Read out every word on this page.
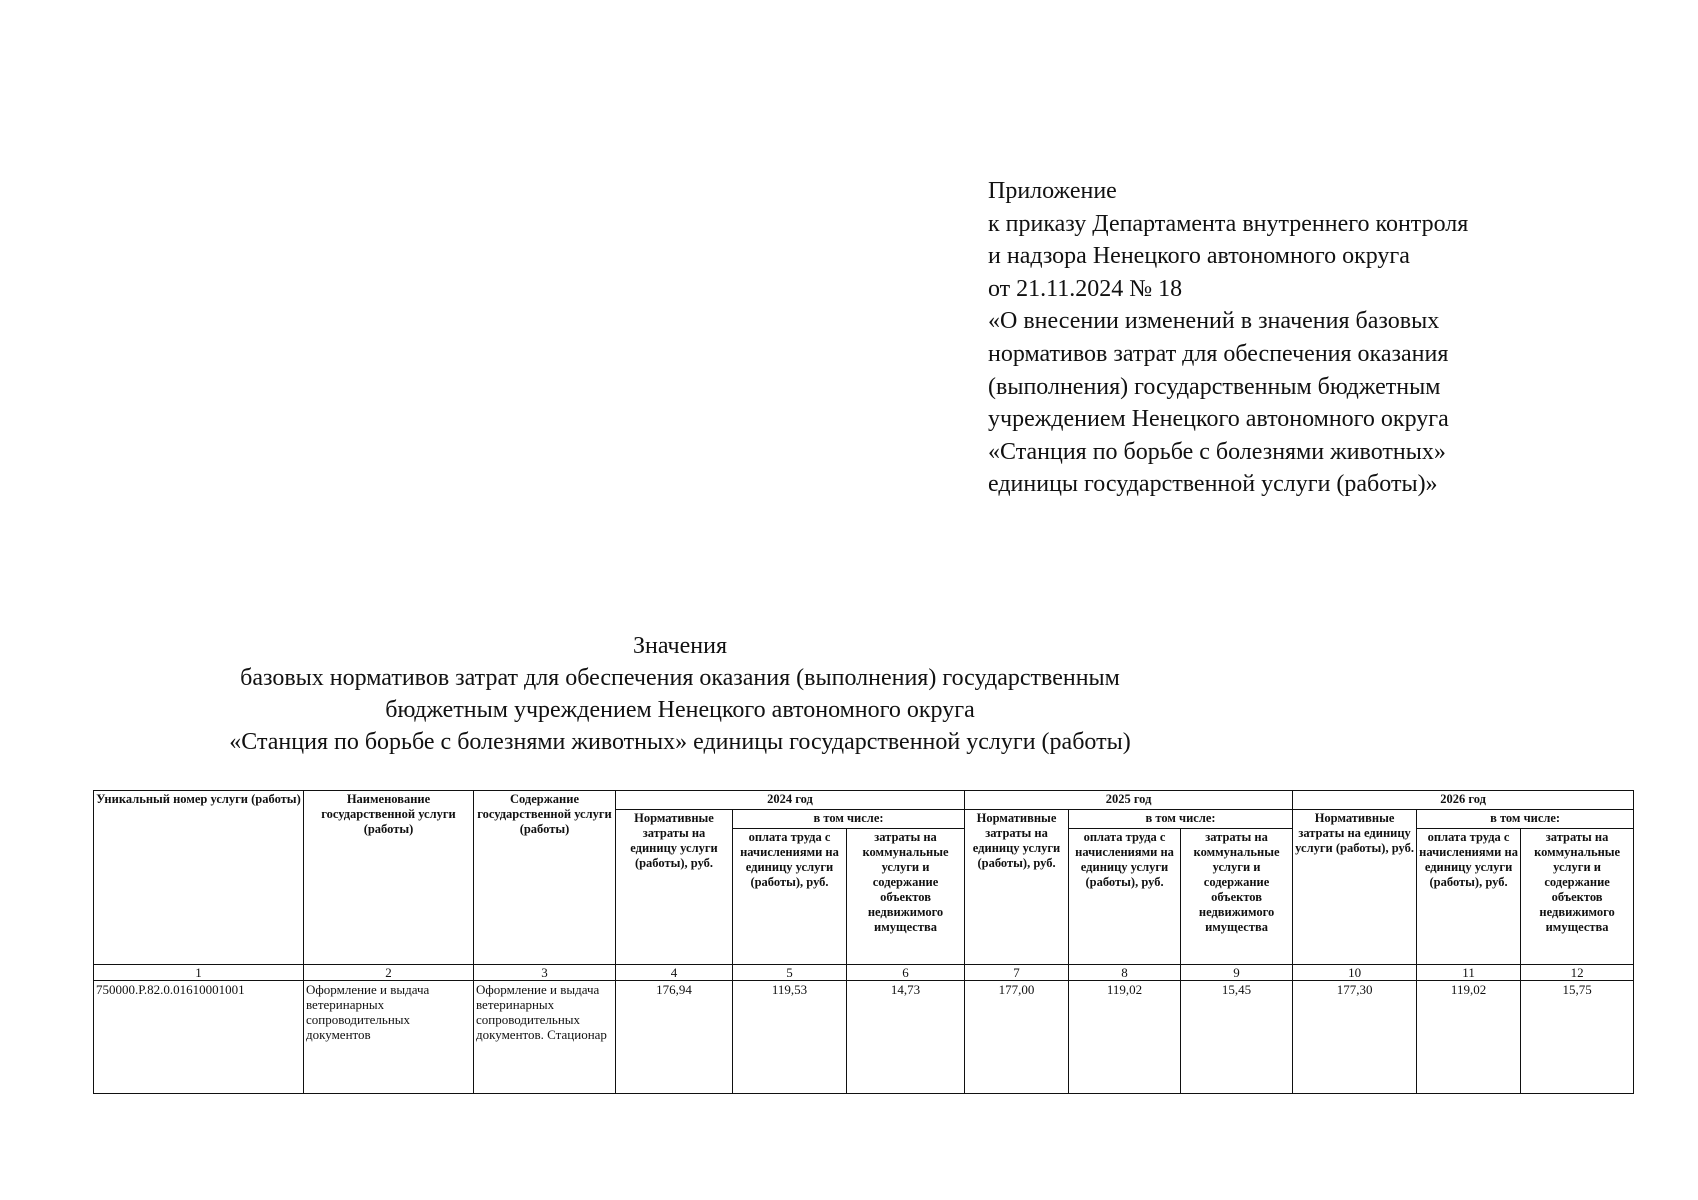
Приложение
к приказу Департамента внутреннего контроля
и надзора Ненецкого автономного округа
от 21.11.2024 № 18
«О внесении изменений в значения базовых
нормативов затрат для обеспечения оказания
(выполнения) государственным бюджетным
учреждением Ненецкого автономного округа
«Станция по борьбе с болезнями животных»
единицы государственной услуги (работы)»
Значения
базовых нормативов затрат для обеспечения оказания (выполнения) государственным
бюджетным учреждением Ненецкого автономного округа
«Станция по борьбе с болезнями животных» единицы государственной услуги (работы)
Уникальный номер услуги (работы)	Наименование государственной услуги (работы)	Содержание государственной услуги (работы)	2024 год			2025 год			2026 год		
			Нормативные затраты на единицу услуги (работы), руб.	в том числе:		Нормативные затраты на единицу услуги (работы), руб.	в том числе:		Нормативные затраты на единицу услуги (работы), руб.	в том числе:	
				оплата труда с начислениями на единицу услуги (работы), руб.	затраты на коммунальные услуги и содержание объектов недвижимого имущества		оплата труда с начислениями на единицу услуги (работы), руб.	затраты на коммунальные услуги и содержание объектов недвижимого имущества		оплата труда с начислениями на единицу услуги (работы), руб.	затраты на коммунальные услуги и содержание объектов недвижимого имущества
1	2	3	4	5	6	7	8	9	10	11	12
750000.Р.82.0.01610001001	Оформление и выдача ветеринарных сопроводительных документов	Оформление и выдача ветеринарных сопроводительных документов. Стационар	176,94	119,53	14,73	177,00	119,02	15,45	177,30	119,02	15,75
